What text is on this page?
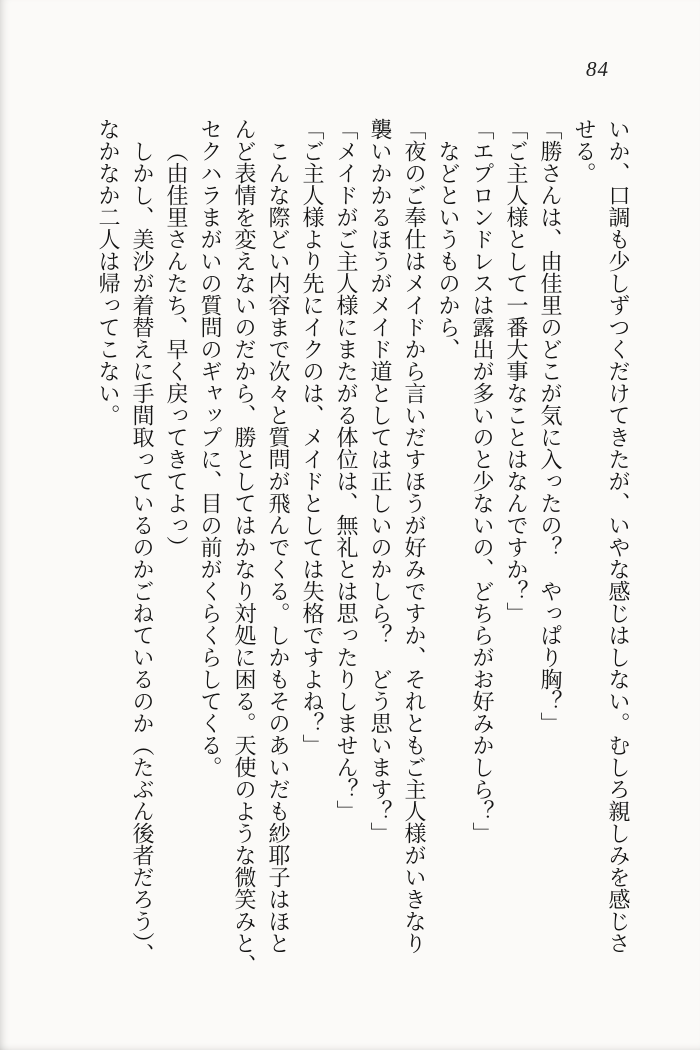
84

いか、口調も少しずつくだけてきたが、いやな感じはしない。むしろ親しみを感じさ

せる。

「勝さんは、由佳里のどこが気に入ったの？　やっぱり胸？」

「ご主人様として一番大事なことはなんですか？」

「エプロンドレスは露出が多いのと少ないの、どちらがお好みかしら？」

などというものから、

「夜のご奉仕はメイドから言いだすほうが好みですか、それともご主人様がいきなり

襲いかかるほうがメイド道としては正しいのかしら？　どう思います？」

「メイドがご主人様にまたがる体位は、無礼とは思ったりしません？」

「ご主人様より先にイクのは、メイドとしては失格ですよね？」

こんな際どい内容まで次々と質問が飛んでくる。しかもそのあいだも紗耶子はほと

んど表情を変えないのだから、勝としてはかなり対処に困る。天使のような微笑みと、

セクハラまがいの質問のギャップに、目の前がくらくらしてくる。

（由佳里さんたち、早く戻ってきてよっ）

しかし、美沙が着替えに手間取っているのかごねているのか（たぶん後者だろう）、

なかなか二人は帰ってこない。
